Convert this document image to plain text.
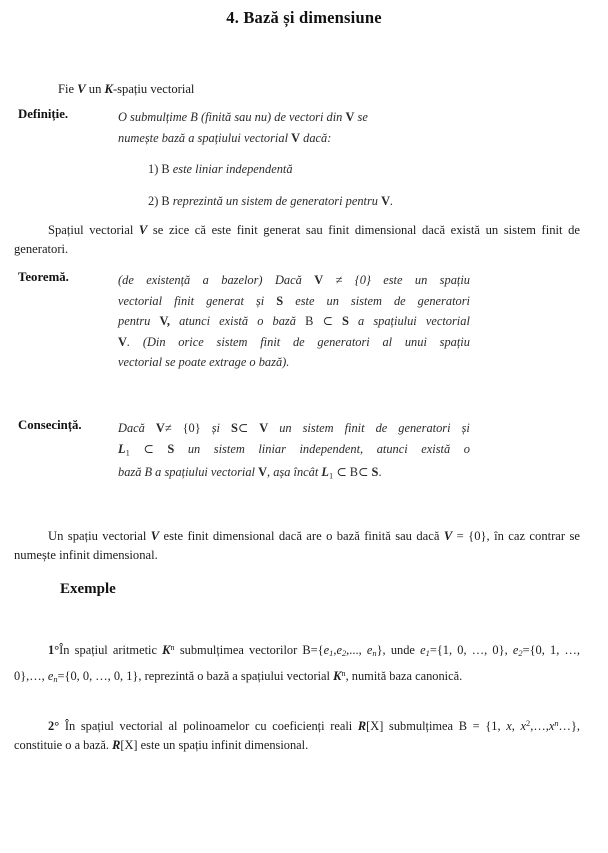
4. Bază și dimensiune
Fie V un K-spațiu vectorial
Definiție.	O submulțime B (finită sau nu) de vectori din V se
numește bază a spațiului vectorial V dacă:
1) B este liniar independentă
2) B reprezintă un sistem de generatori pentru V.
Spațiul vectorial V se zice că este finit generat sau finit dimensional dacă există un sistem finit de generatori.
Teoremă.	(de existență a bazelor) Dacă V ≠ {0} este un spațiu
vectorial finit generat și S este un sistem de generatori
pentru V, atunci există o bază B ⊂ S a spațiului vectorial
V. (Din orice sistem finit de generatori al unui spațiu
vectorial se poate extrage o bază).
Consecință.	Dacă V≠ {0} și S⊂ V un sistem finit de generatori și
$L_1$ ⊂ S un sistem liniar independent, atunci există o
bază B a spațiului vectorial V, așa încât $L_1$ ⊂ B⊂ S.
Un spațiu vectorial V este finit dimensional dacă are o bază finită sau dacă V = {0}, în caz contrar se numește infinit dimensional.
Exemple
1°În spațiul aritmetic $K^n$ submulțimea vectorilor $B=\{e_1,e_2$,..., $e_n$}, unde $e_1=\{1$, 0, …, 0}, $e_2=\{0$, 1, …, 0},…, $e_n=\{0$, 0, …, 0, 1}, reprezintă o bază a spațiului vectorial $K^n$, numită baza canonică.
2° În spațiul vectorial al polinoamelor cu coeficienți reali R[X] submulțimea B = {1, x, $x^2,\dots,x^n\dots$}, constituie o a bază. R[X] este un spațiu infinit dimensional.
